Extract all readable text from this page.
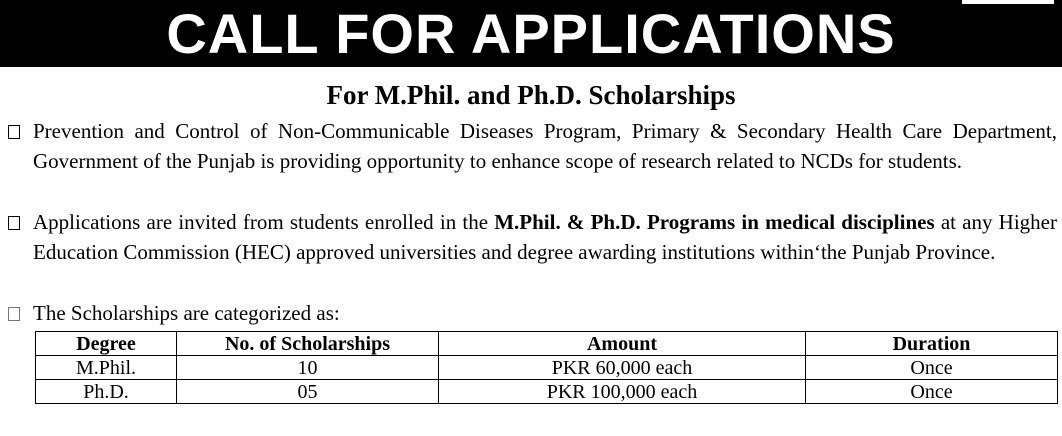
CALL FOR APPLICATIONS
For M.Phil. and Ph.D. Scholarships
Prevention and Control of Non-Communicable Diseases Program, Primary & Secondary Health Care Department, Government of the Punjab is providing opportunity to enhance scope of research related to NCDs for students.
Applications are invited from students enrolled in the M.Phil. & Ph.D. Programs in medical disciplines at any Higher Education Commission (HEC) approved universities and degree awarding institutions within‘the Punjab Province.
The Scholarships are categorized as:
Degree	No. of Scholarships	Amount	Duration
M.Phil.	10	PKR 60,000 each	Once
Ph.D.	05	PKR 100,000 each	Once
